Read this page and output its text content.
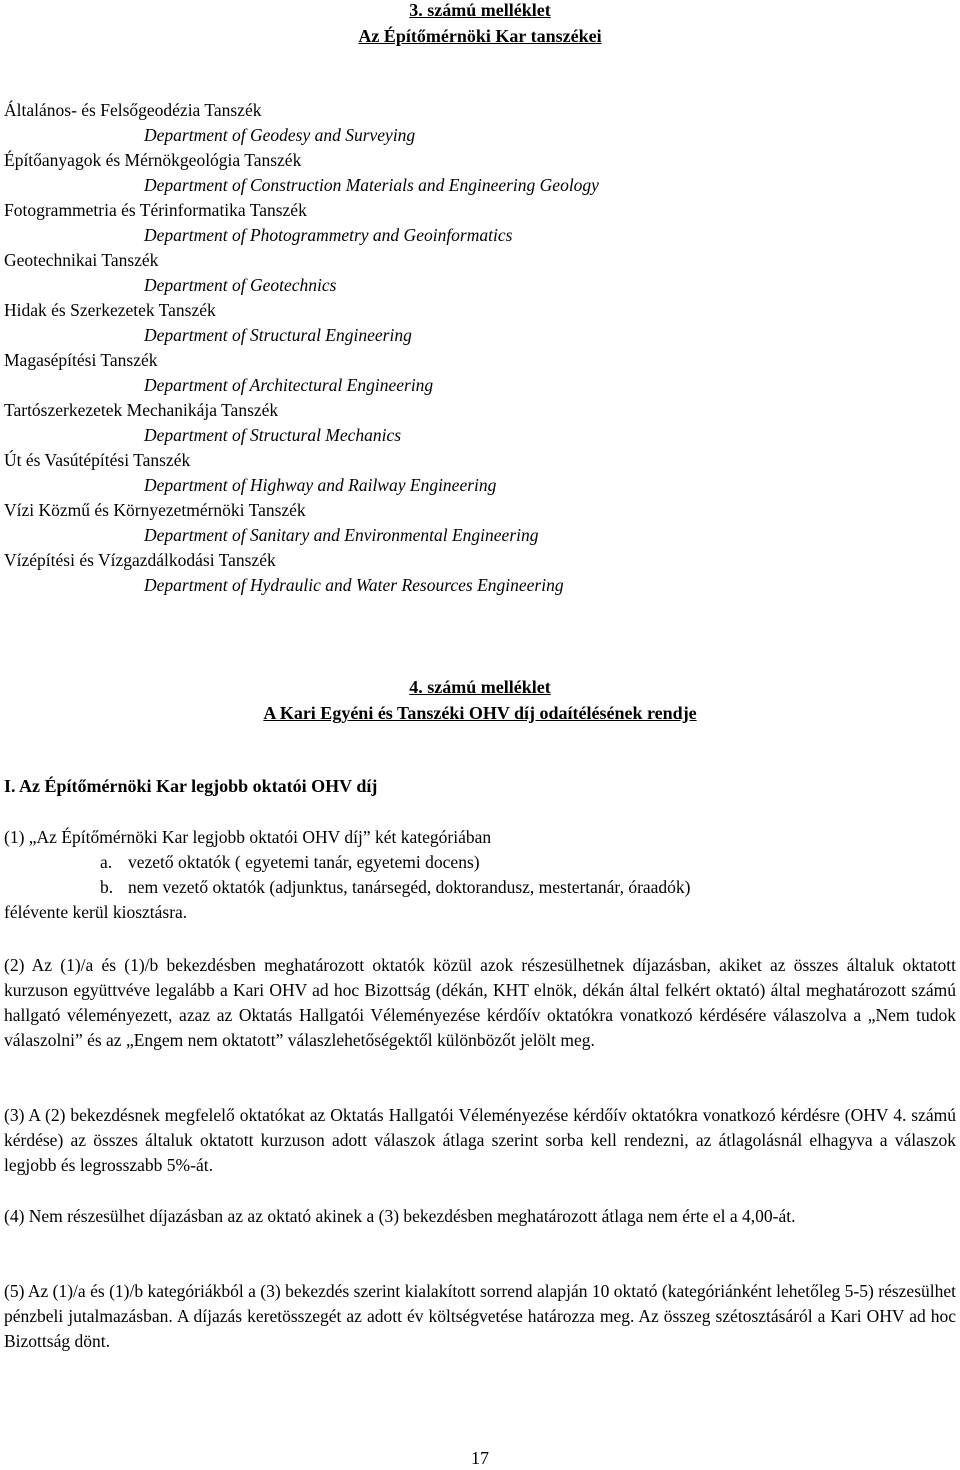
3. számú melléklet
Az Építőmérnöki Kar tanszékei
Általános- és Felsőgeodézia Tanszék
Department of Geodesy and Surveying
Építőanyagok és Mérnökgeológia Tanszék
Department of Construction Materials and Engineering Geology
Fotogrammetria és Térinformatika Tanszék
Department of Photogrammetry and Geoinformatics
Geotechnikai Tanszék
Department of Geotechnics
Hidak és Szerkezetek Tanszék
Department of Structural Engineering
Magasépítési Tanszék
Department of Architectural Engineering
Tartószerkezetek Mechanikája Tanszék
Department of Structural Mechanics
Út és Vasútépítési Tanszék
Department of Highway and Railway Engineering
Vízi Közmű és Környezetmérnöki Tanszék
Department of Sanitary and Environmental Engineering
Vízépítési és Vízgazdálkodási Tanszék
Department of Hydraulic and Water Resources Engineering
4. számú melléklet
A Kari Egyéni és Tanszéki OHV díj odaítélésének rendje
I. Az Építőmérnöki Kar legjobb oktatói OHV díj
(1) „Az Építőmérnöki Kar legjobb oktatói OHV díj” két kategóriában
a. vezető oktatók ( egyetemi tanár, egyetemi docens)
b. nem vezető oktatók (adjunktus, tanársegéd, doktorandusz, mestertanár, óraadók)
félévente kerül kiosztásra.
(2) Az (1)/a és (1)/b bekezdésben meghatározott oktatók közül azok részesülhetnek díjazásban, akiket az összes általuk oktatott kurzuson együttvéve legalább a Kari OHV ad hoc Bizottság (dékán, KHT elnök, dékán által felkért oktató) által meghatározott számú hallgató véleményezett, azaz az Oktatás Hallgatói Véleményezése kérdőív oktatókra vonatkozó kérdésére válaszolva a „Nem tudok válaszolni” és az „Engem nem oktatott” válaszlehetőségektől különbözőt jelölt meg.
(3) A (2) bekezdésnek megfelelő oktatókat az Oktatás Hallgatói Véleményezése kérdőív oktatókra vonatkozó kérdésre (OHV 4. számú kérdése) az összes általuk oktatott kurzuson adott válaszok átlaga szerint sorba kell rendezni, az átlagolásnál elhagyva a válaszok legjobb és legrosszabb 5%-át.
(4) Nem részesülhet díjazásban az az oktató akinek a (3) bekezdésben meghatározott átlaga nem érte el a 4,00-át.
(5) Az (1)/a és (1)/b kategóriákból a (3) bekezdés szerint kialakított sorrend alapján 10 oktató (kategóriánként lehetőleg 5-5) részesülhet pénzbeli jutalmazásban. A díjazás keretösszegét az adott év költségvetése határozza meg. Az összeg szétosztásáról a Kari OHV ad hoc Bizottság dönt.
17
